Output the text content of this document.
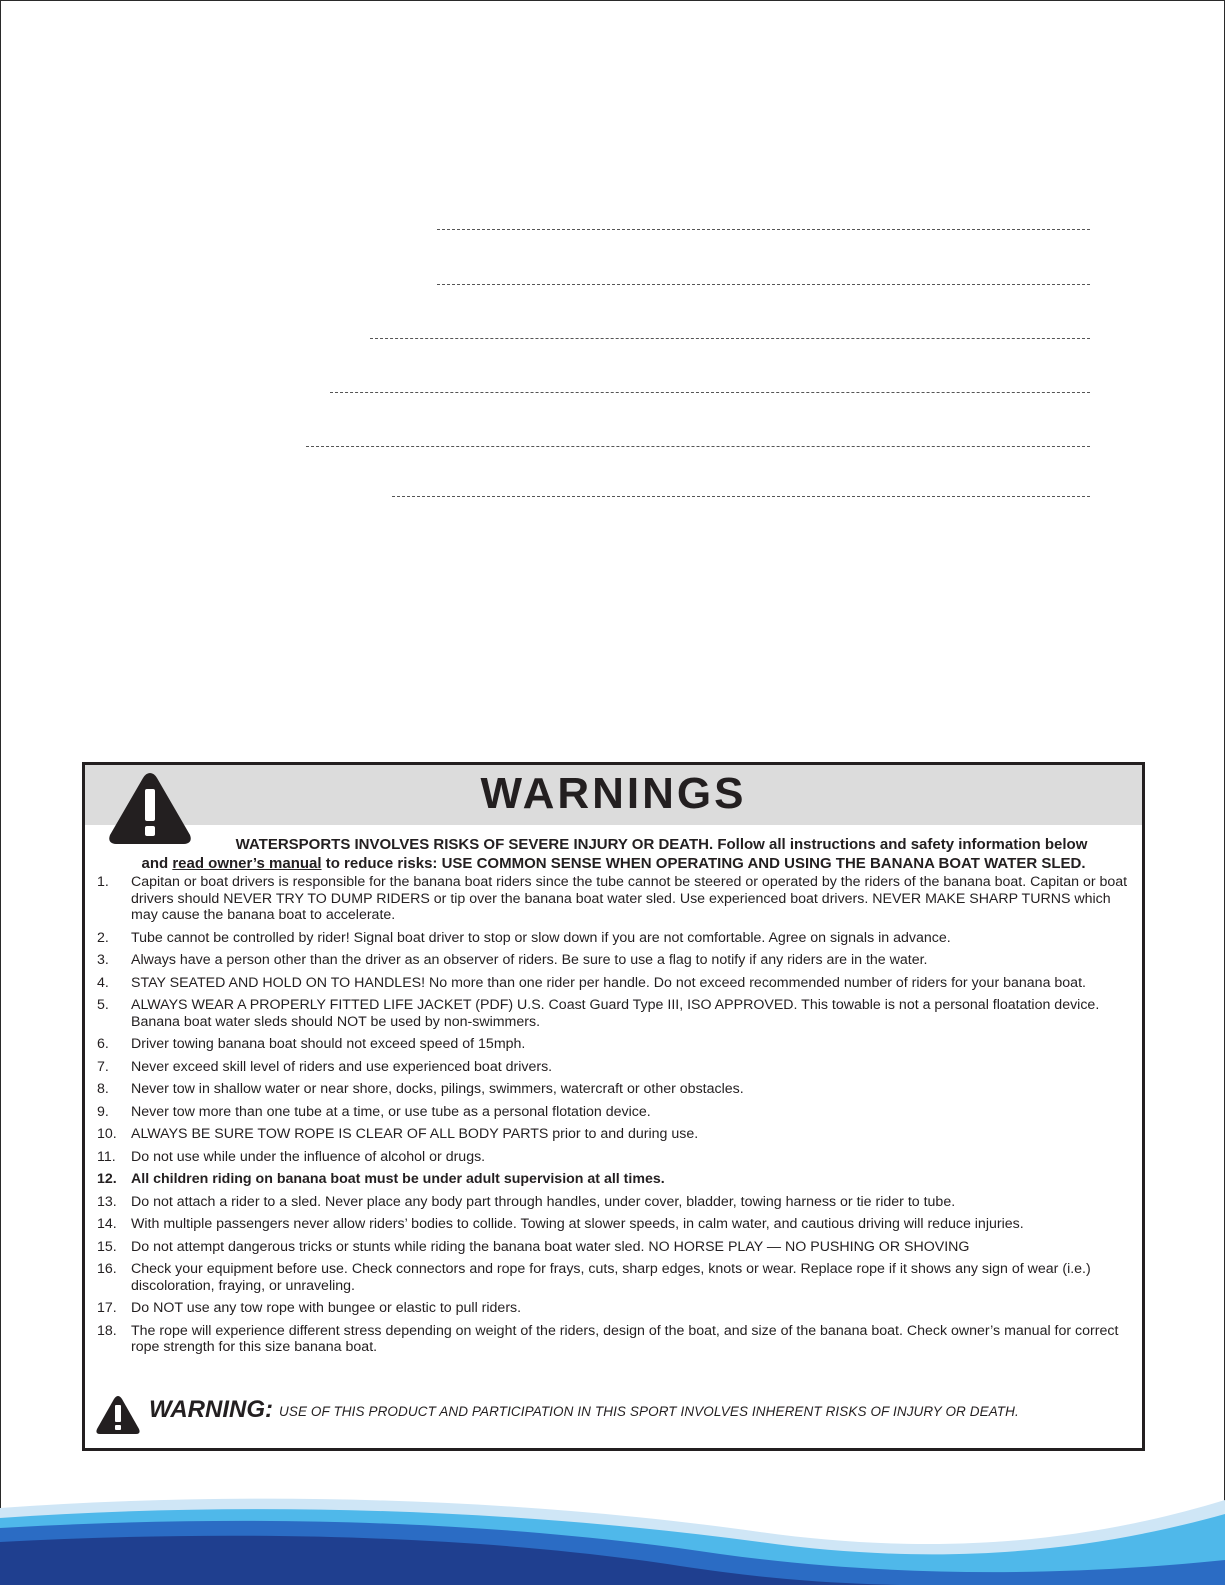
WARNINGS
WATERSPORTS INVOLVES RISKS OF SEVERE INJURY OR DEATH. Follow all instructions and safety information below
and read owner’s manual to reduce risks: USE COMMON SENSE WHEN OPERATING AND USING THE BANANA BOAT WATER SLED.
1. Capitan or boat drivers is responsible for the banana boat riders since the tube cannot be steered or operated by the riders of the banana boat. Capitan or boat drivers should NEVER TRY TO DUMP RIDERS or tip over the banana boat water sled. Use experienced boat drivers. NEVER MAKE SHARP TURNS which may cause the banana boat to accelerate.
2. Tube cannot be controlled by rider! Signal boat driver to stop or slow down if you are not comfortable. Agree on signals in advance.
3. Always have a person other than the driver as an observer of riders. Be sure to use a flag to notify if any riders are in the water.
4. STAY SEATED AND HOLD ON TO HANDLES! No more than one rider per handle. Do not exceed recommended number of riders for your banana boat.
5. ALWAYS WEAR A PROPERLY FITTED LIFE JACKET (PDF) U.S. Coast Guard Type III, ISO APPROVED. This towable is not a personal floatation device. Banana boat water sleds should NOT be used by non-swimmers.
6. Driver towing banana boat should not exceed speed of 15mph.
7. Never exceed skill level of riders and use experienced boat drivers.
8. Never tow in shallow water or near shore, docks, pilings, swimmers, watercraft or other obstacles.
9. Never tow more than one tube at a time, or use tube as a personal flotation device.
10. ALWAYS BE SURE TOW ROPE IS CLEAR OF ALL BODY PARTS prior to and during use.
11. Do not use while under the influence of alcohol or drugs.
12. All children riding on banana boat must be under adult supervision at all times.
13. Do not attach a rider to a sled. Never place any body part through handles, under cover, bladder, towing harness or tie rider to tube.
14. With multiple passengers never allow riders’ bodies to collide. Towing at slower speeds, in calm water, and cautious driving will reduce injuries.
15. Do not attempt dangerous tricks or stunts while riding the banana boat water sled. NO HORSE PLAY — NO PUSHING OR SHOVING
16. Check your equipment before use. Check connectors and rope for frays, cuts, sharp edges, knots or wear. Replace rope if it shows any sign of wear (i.e.) discoloration, fraying, or unraveling.
17. Do NOT use any tow rope with bungee or elastic to pull riders.
18. The rope will experience different stress depending on weight of the riders, design of the boat, and size of the banana boat. Check owner’s manual for correct rope strength for this size banana boat.
WARNING: USE OF THIS PRODUCT AND PARTICIPATION IN THIS SPORT INVOLVES INHERENT RISKS OF INJURY OR DEATH.
